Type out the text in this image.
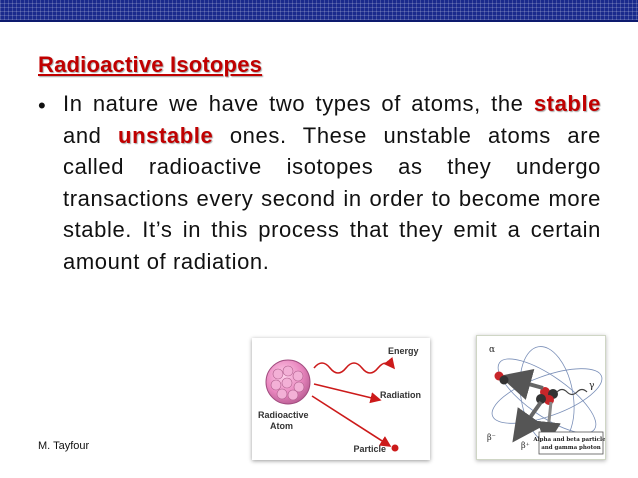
Radioactive Isotopes
• In nature we have two types of atoms, the stable and unstable ones. These unstable atoms are called radioactive isotopes as they undergo transactions every second in order to become more stable. It’s in this process that they emit a certain amount of radiation.

Energy
Radiation
Radioactive
Atom
Particle
α
β⁻
β⁺
γ
Alpha and beta particles
and gamma photon
M. Tayfour
